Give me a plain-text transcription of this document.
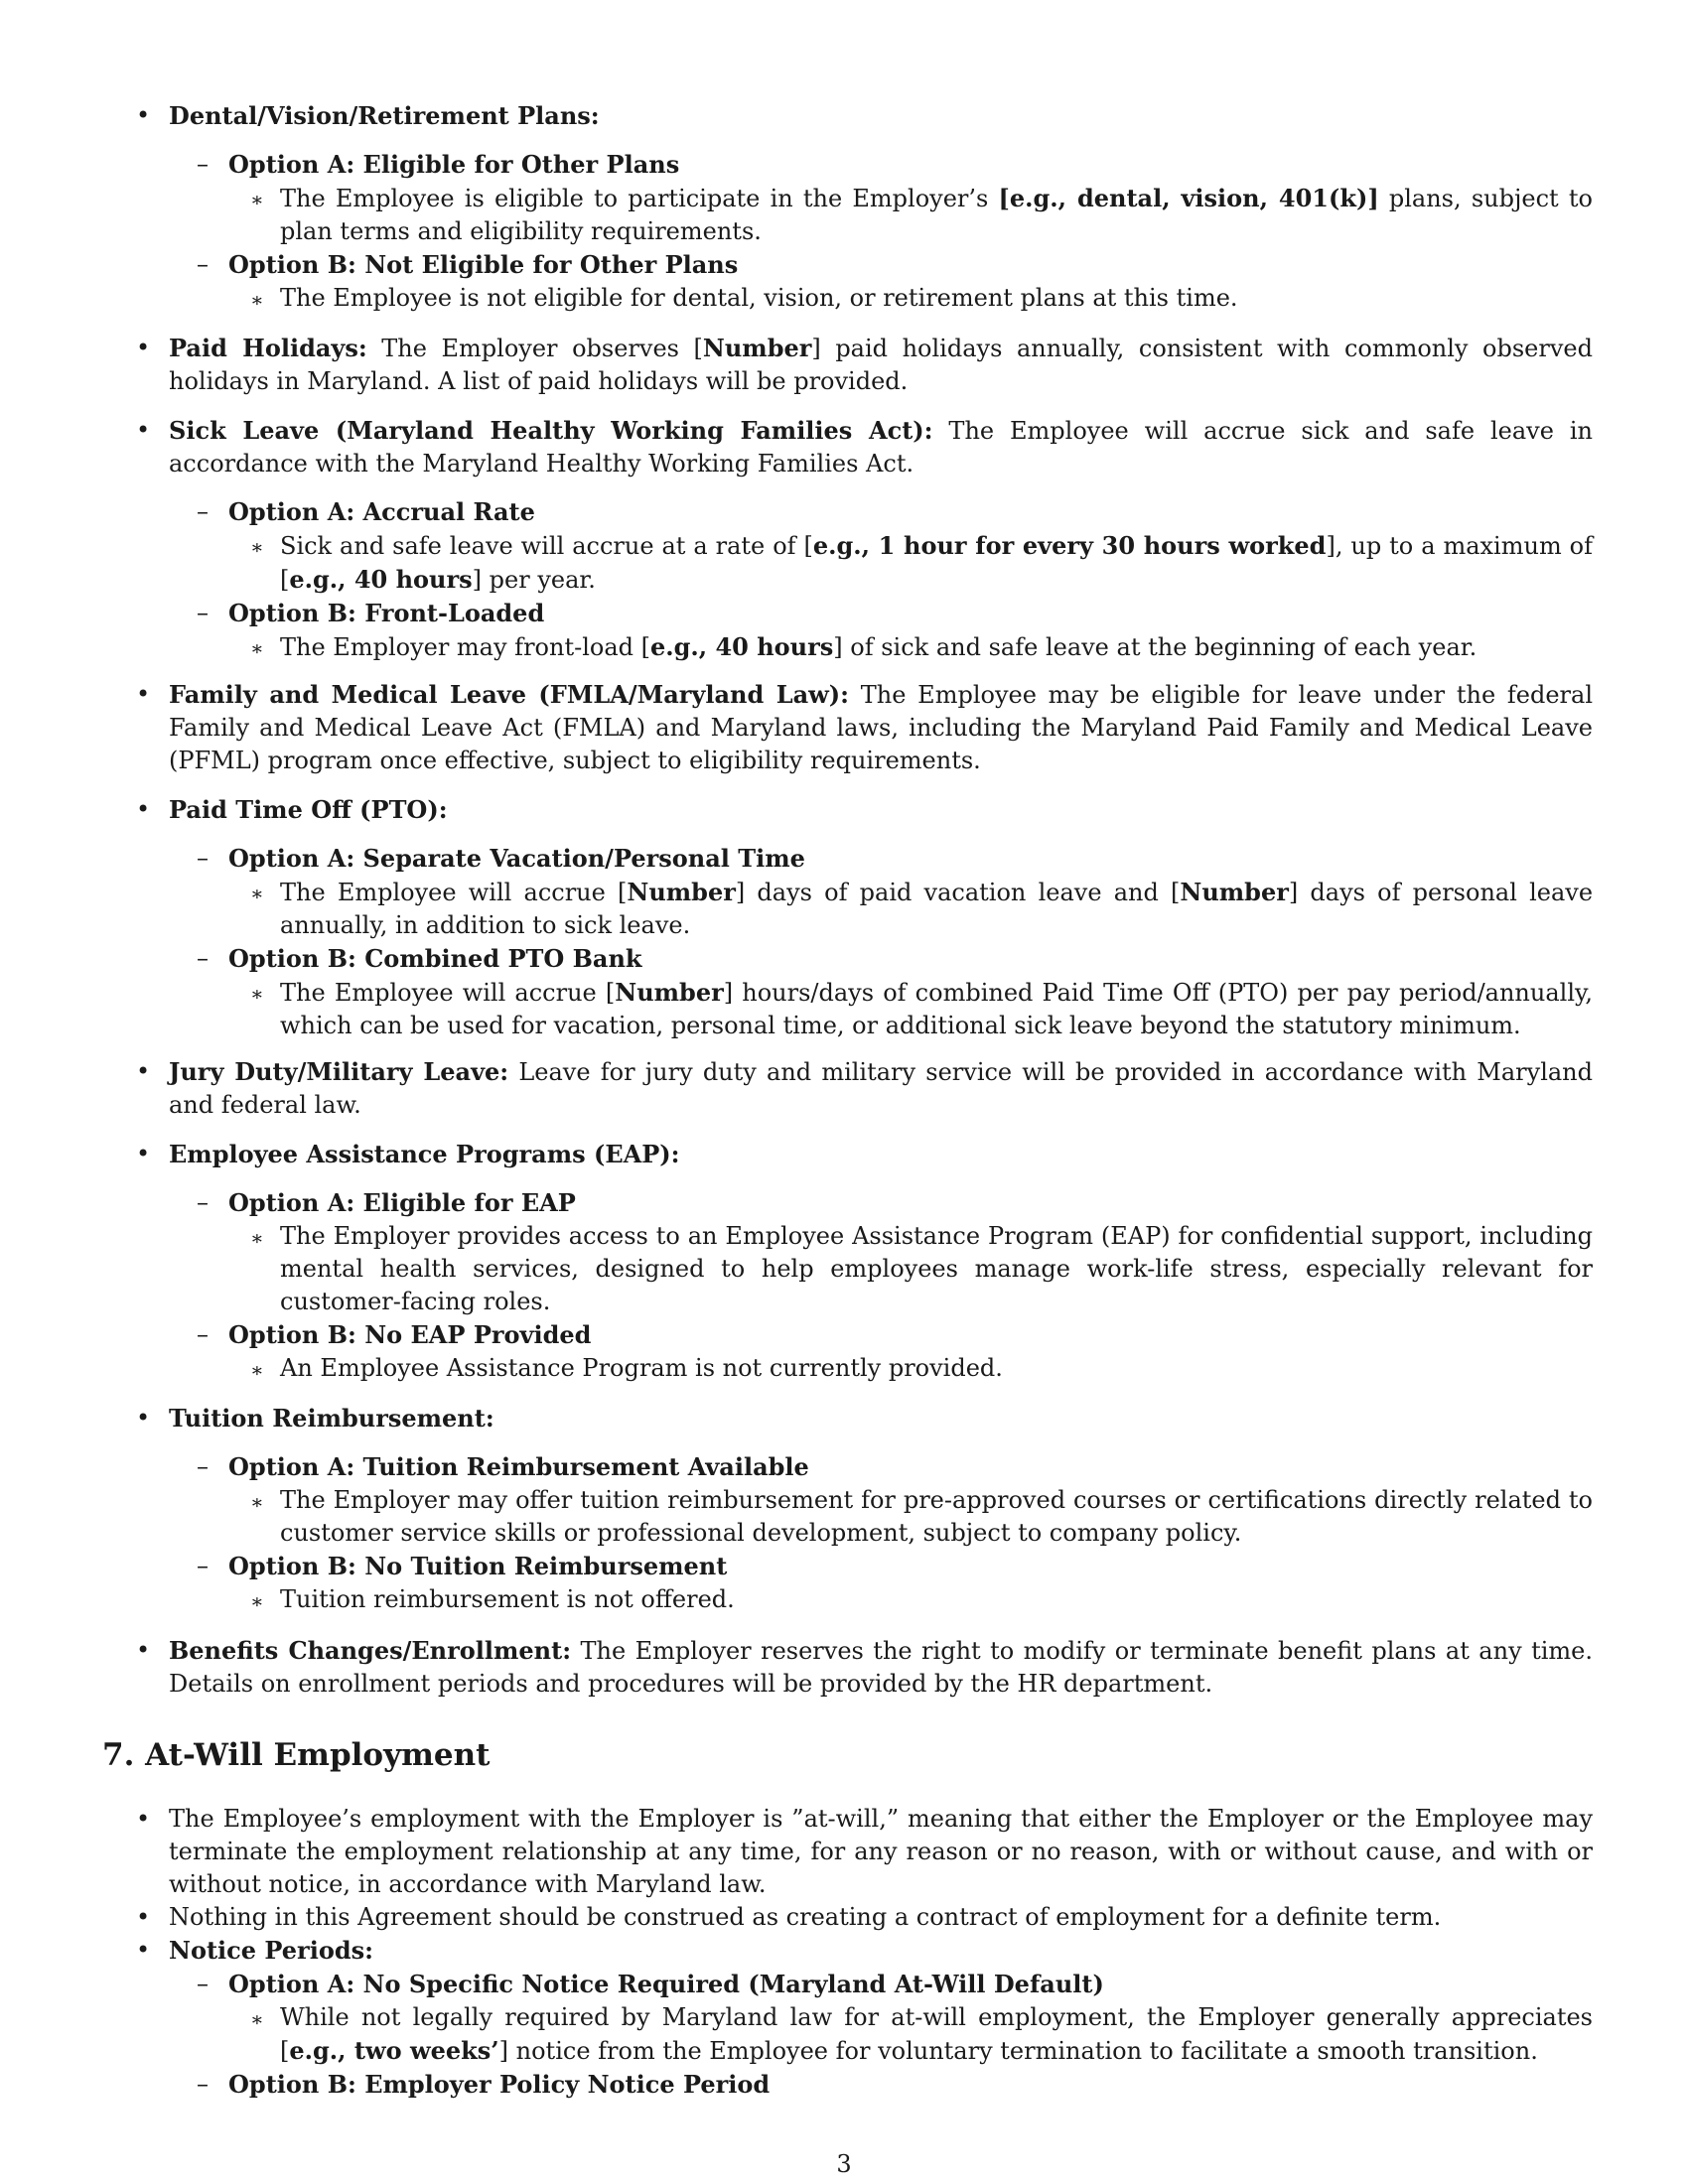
• Dental/Vision/Retirement Plans:
– Option A: Eligible for Other Plans
∗ The Employee is eligible to participate in the Employer’s [e.g., dental, vision, 401(k)] plans, subject to plan terms and eligibility requirements.
– Option B: Not Eligible for Other Plans
∗ The Employee is not eligible for dental, vision, or retirement plans at this time.
• Paid Holidays: The Employer observes [Number] paid holidays annually, consistent with commonly observed holidays in Maryland. A list of paid holidays will be provided.
• Sick Leave (Maryland Healthy Working Families Act): The Employee will accrue sick and safe leave in accordance with the Maryland Healthy Working Families Act.
– Option A: Accrual Rate
∗ Sick and safe leave will accrue at a rate of [e.g., 1 hour for every 30 hours worked], up to a maximum of [e.g., 40 hours] per year.
– Option B: Front-Loaded
∗ The Employer may front-load [e.g., 40 hours] of sick and safe leave at the beginning of each year.
• Family and Medical Leave (FMLA/Maryland Law): The Employee may be eligible for leave under the federal Family and Medical Leave Act (FMLA) and Maryland laws, including the Maryland Paid Family and Medical Leave (PFML) program once effective, subject to eligibility requirements.
• Paid Time Off (PTO):
– Option A: Separate Vacation/Personal Time
∗ The Employee will accrue [Number] days of paid vacation leave and [Number] days of personal leave annually, in addition to sick leave.
– Option B: Combined PTO Bank
∗ The Employee will accrue [Number] hours/days of combined Paid Time Off (PTO) per pay period/annually, which can be used for vacation, personal time, or additional sick leave beyond the statutory minimum.
• Jury Duty/Military Leave: Leave for jury duty and military service will be provided in accordance with Maryland and federal law.
• Employee Assistance Programs (EAP):
– Option A: Eligible for EAP
∗ The Employer provides access to an Employee Assistance Program (EAP) for confidential support, including mental health services, designed to help employees manage work-life stress, especially relevant for customer-facing roles.
– Option B: No EAP Provided
∗ An Employee Assistance Program is not currently provided.
• Tuition Reimbursement:
– Option A: Tuition Reimbursement Available
∗ The Employer may offer tuition reimbursement for pre-approved courses or certifications directly related to customer service skills or professional development, subject to company policy.
– Option B: No Tuition Reimbursement
∗ Tuition reimbursement is not offered.
• Benefits Changes/Enrollment: The Employer reserves the right to modify or terminate benefit plans at any time. Details on enrollment periods and procedures will be provided by the HR department.
7. At-Will Employment
• The Employee’s employment with the Employer is ”at-will,” meaning that either the Employer or the Employee may terminate the employment relationship at any time, for any reason or no reason, with or without cause, and with or without notice, in accordance with Maryland law.
• Nothing in this Agreement should be construed as creating a contract of employment for a definite term.
• Notice Periods:
– Option A: No Specific Notice Required (Maryland At-Will Default)
∗ While not legally required by Maryland law for at-will employment, the Employer generally appreciates [e.g., two weeks’] notice from the Employee for voluntary termination to facilitate a smooth transition.
– Option B: Employer Policy Notice Period
3
